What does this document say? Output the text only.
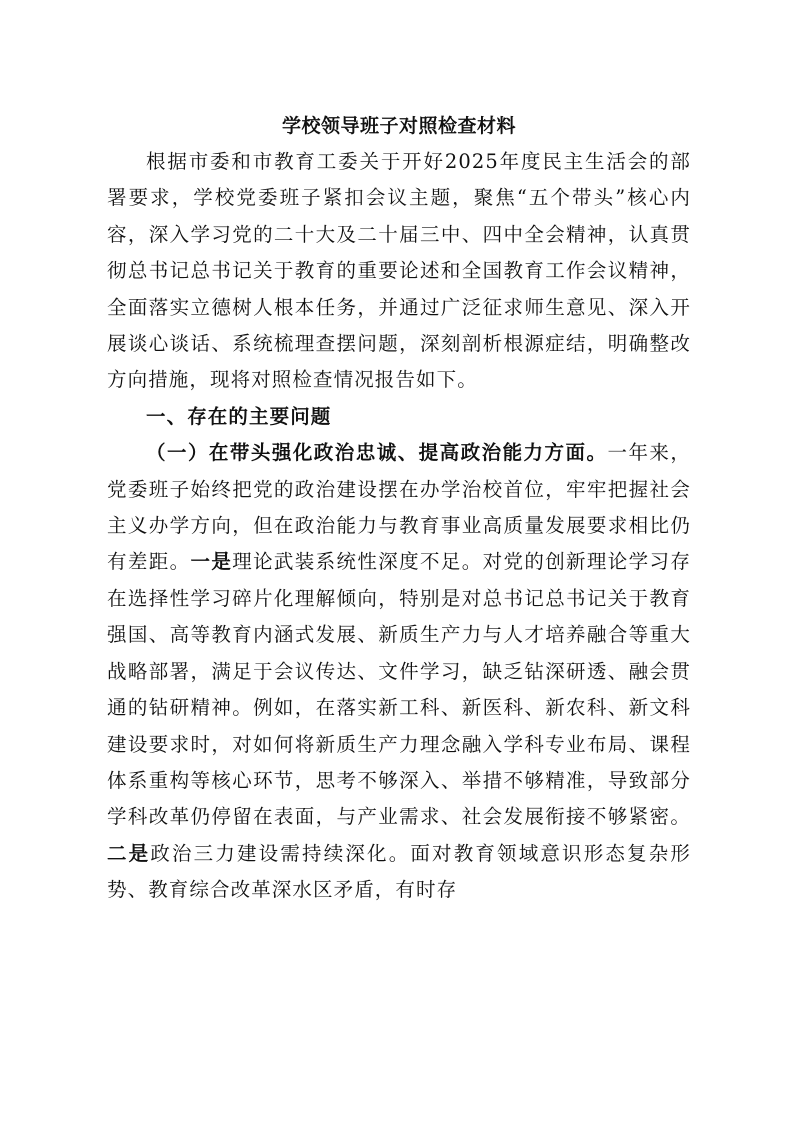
学校领导班子对照检查材料

根据市委和市教育工委关于开好2025年度民主生活会的部署要求，学校党委班子紧扣会议主题，聚焦“五个带头”核心内容，深入学习党的二十大及二十届三中、四中全会精神，认真贯彻总书记总书记关于教育的重要论述和全国教育工作会议精神，全面落实立德树人根本任务，并通过广泛征求师生意见、深入开展谈心谈话、系统梳理查摆问题，深刻剖析根源症结，明确整改方向措施，现将对照检查情况报告如下。

一、存在的主要问题

（一）在带头强化政治忠诚、提高政治能力方面。一年来，党委班子始终把党的政治建设摆在办学治校首位，牢牢把握社会主义办学方向，但在政治能力与教育事业高质量发展要求相比仍有差距。一是理论武装系统性深度不足。对党的创新理论学习存在选择性学习碎片化理解倾向，特别是对总书记总书记关于教育强国、高等教育内涵式发展、新质生产力与人才培养融合等重大战略部署，满足于会议传达、文件学习，缺乏钻深研透、融会贯通的钻研精神。例如，在落实新工科、新医科、新农科、新文科建设要求时，对如何将新质生产力理念融入学科专业布局、课程体系重构等核心环节，思考不够深入、举措不够精准，导致部分学科改革仍停留在表面，与产业需求、社会发展衔接不够紧密。二是政治三力建设需持续深化。面对教育领域意识形态复杂形势、教育综合改革深水区矛盾，有时存
